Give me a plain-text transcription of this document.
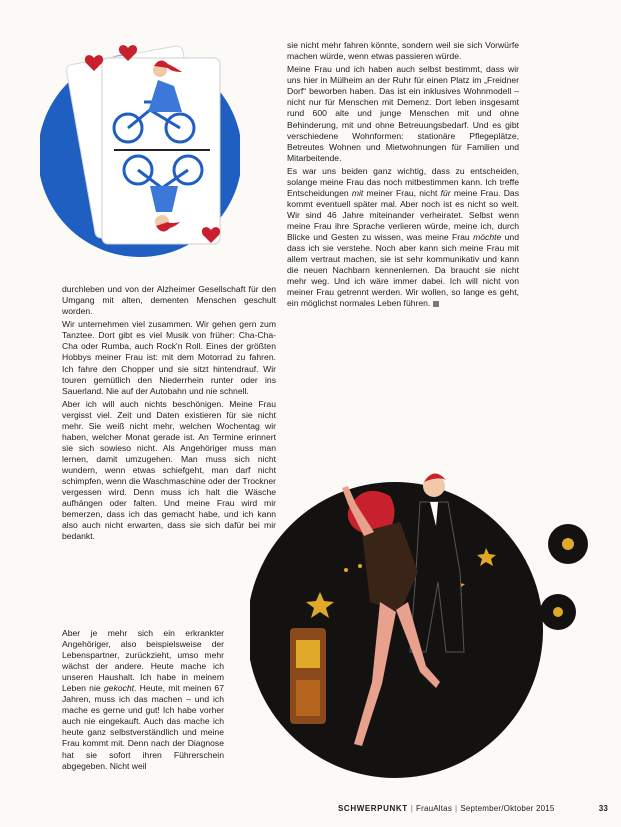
sie nicht mehr fahren könnte, sondern weil sie sich Vorwürfe machen würde, wenn etwas passieren würde.

Meine Frau und ich haben auch selbst bestimmt, dass wir uns hier in Mülheim an der Ruhr für einen Platz im „Freidner Dorf“ beworben haben. Das ist ein inklusives Wohnmodell – nicht nur für Menschen mit Demenz. Dort leben insgesamt rund 600 alte und junge Menschen mit und ohne Behinderung, mit und ohne Betreuungsbedarf. Und es gibt verschiedene Wohnformen: stationäre Pflegeplätze, Betreutes Wohnen und Mietwohnungen für Familien und Mitarbeitende.

Es war uns beiden ganz wichtig, dass zu entscheiden, solange meine Frau das noch mitbestimmen kann. Ich treffe Entscheidungen mit meiner Frau, nicht für meine Frau. Das kommt eventuell später mal. Aber noch ist es nicht so weit. Wir sind 46 Jahre miteinander verheiratet. Selbst wenn meine Frau ihre Sprache verlieren würde, meine ich, durch Blicke und Gesten zu wissen, was meine Frau möchte und dass ich sie verstehe. Noch aber kann sich meine Frau mit allem vertraut machen, sie ist sehr kommunikativ und kann die neuen Nachbarn kennenlernen. Da braucht sie nicht mehr weg. Und ich wäre immer dabei. Ich will nicht von meiner Frau getrennt werden. Wir wollen, so lange es geht, ein möglichst normales Leben führen.

durchleben und von der Alzheimer Gesellschaft für den Umgang mit alten, dementen Menschen geschult worden.

Wir unternehmen viel zusammen. Wir gehen gern zum Tanztee. Dort gibt es viel Musik von früher: Cha-Cha-Cha oder Rumba, auch Rock'n Roll. Eines der größten Hobbys meiner Frau ist: mit dem Motorrad zu fahren. Ich fahre den Chopper und sie sitzt hintendrauf. Wir touren gemütlich den Niederrhein runter oder ins Sauerland. Nie auf der Autobahn und nie schnell.

Aber ich will auch nichts beschönigen. Meine Frau vergisst viel. Zeit und Daten existieren für sie nicht mehr. Sie weiß nicht mehr, welchen Wochentag wir haben, welcher Monat gerade ist. An Termine erinnert sie sich sowieso nicht. Als Angehöriger muss man lernen, damit umzugehen. Man muss sich nicht wundern, wenn etwas schiefgeht, man darf nicht schimpfen, wenn die Waschmaschine oder der Trockner vergessen wird. Denn muss ich halt die Wäsche aufhängen oder falten. Und meine Frau wird mir bemerzen, dass ich das gemacht habe, und ich kann also auch nicht erwarten, dass sie sich dafür bei mir bedankt.

Aber je mehr sich ein erkrankter Angehöriger, also beispielsweise der Lebenspartner, zurückzieht, umso mehr wächst der andere. Heute mache ich unseren Haushalt. Ich habe in meinem Leben nie gekocht. Heute, mit meinen 67 Jahren, muss ich das machen – und ich mache es gerne und gut! Ich habe vorher auch nie eingekauft. Auch das mache ich heute ganz selbstverständlich und meine Frau kommt mit. Denn nach der Diagnose hat sie sofort ihren Führerschein abgegeben. Nicht weil

SCHWERPUNKT | FrauAltas | September/Oktober 2015	33
